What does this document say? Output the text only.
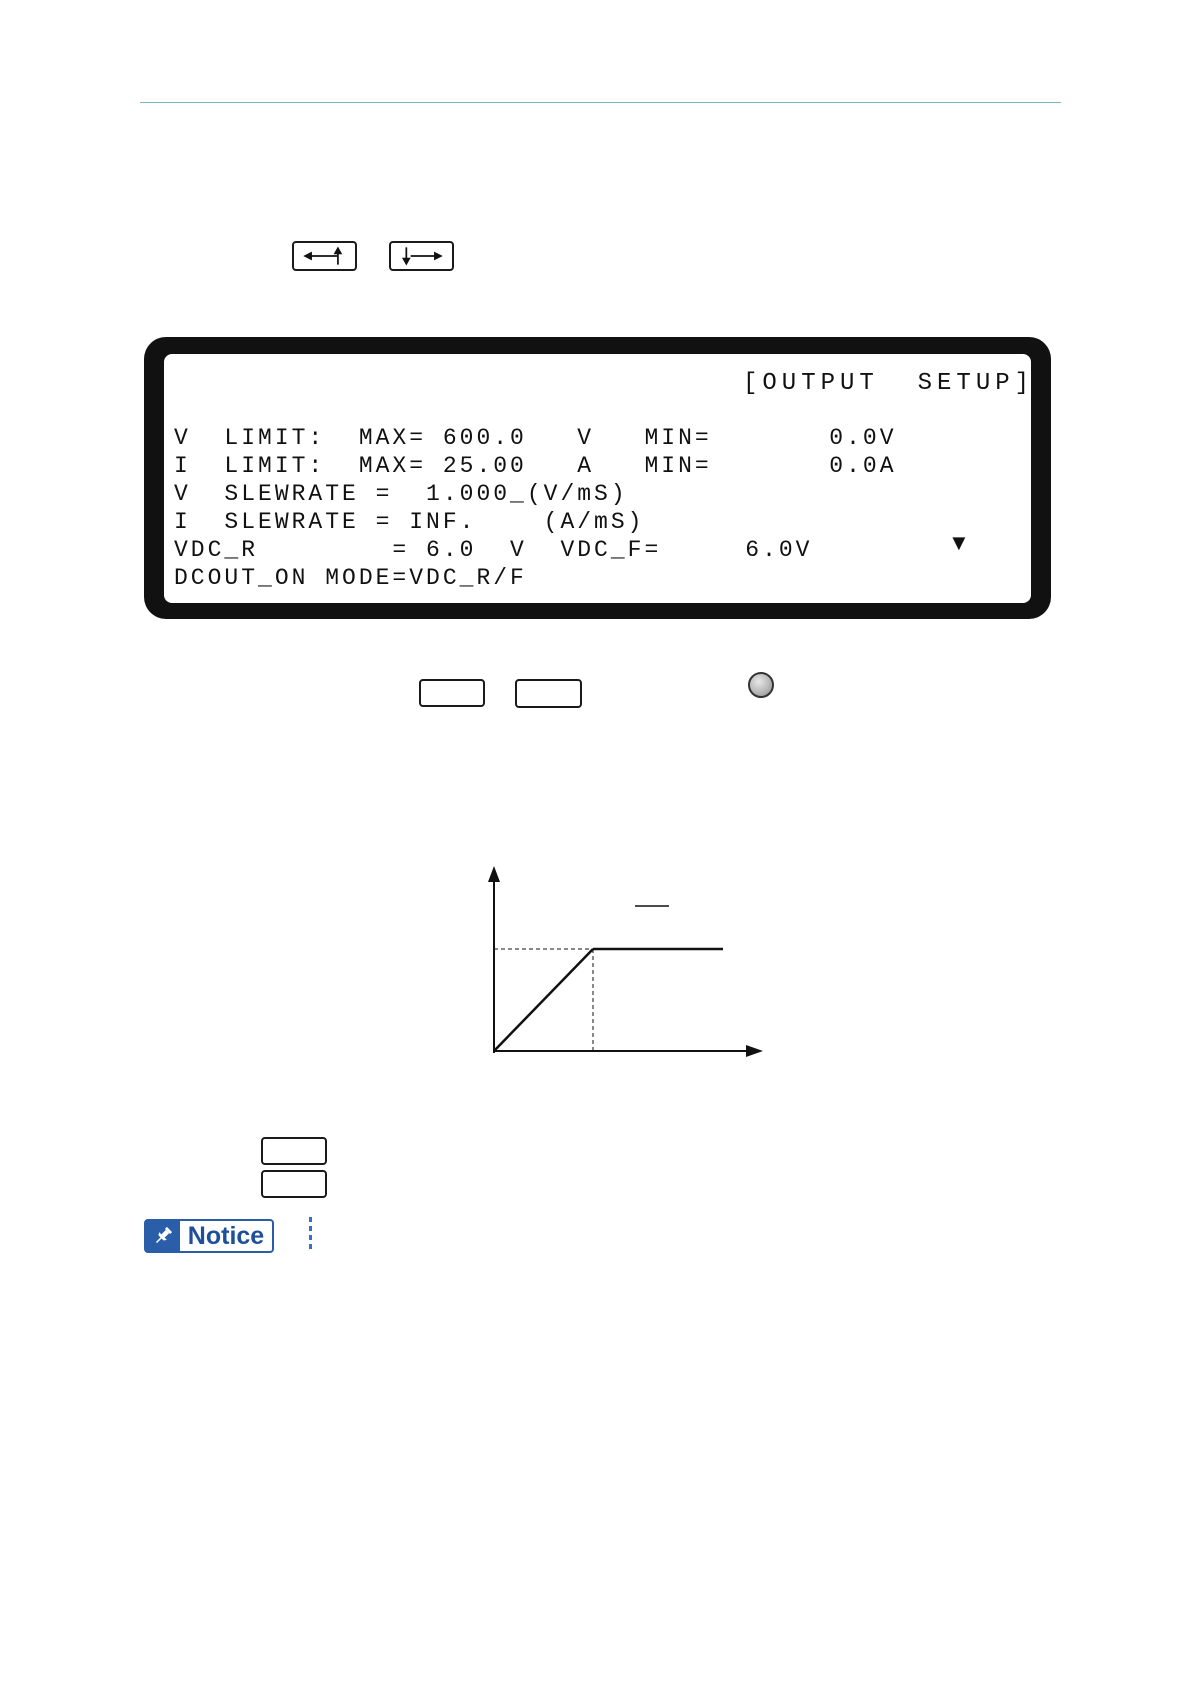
[OUTPUT  SETUP]
V  LIMIT:  MAX= 600.0   V   MIN=       0.0V
I  LIMIT:  MAX= 25.00   A   MIN=       0.0A
V  SLEWRATE =  1.000_(V/mS)
I  SLEWRATE = INF.    (A/mS)
VDC_R        = 6.0  V  VDC_F=     6.0V
DCOUT_ON MODE=VDC_R/F
▼
Notice
